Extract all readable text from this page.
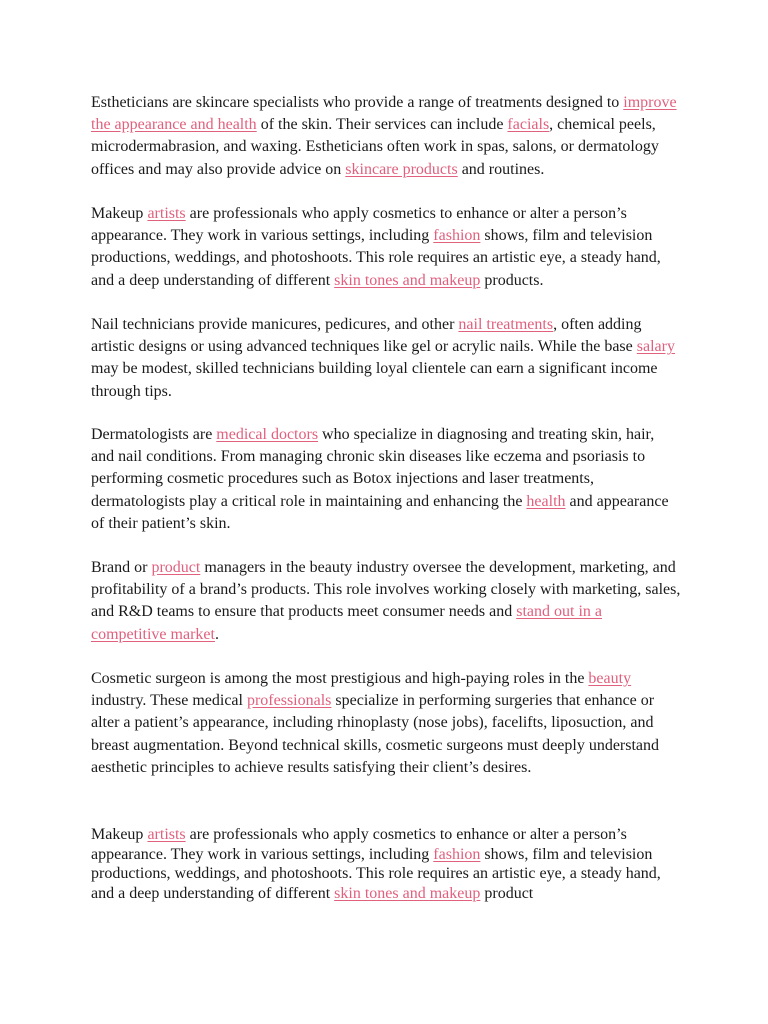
Estheticians are skincare specialists who provide a range of treatments designed to improve the appearance and health of the skin. Their services can include facials, chemical peels, microdermabrasion, and waxing. Estheticians often work in spas, salons, or dermatology offices and may also provide advice on skincare products and routines.

Makeup artists are professionals who apply cosmetics to enhance or alter a person’s appearance. They work in various settings, including fashion shows, film and television productions, weddings, and photoshoots. This role requires an artistic eye, a steady hand, and a deep understanding of different skin tones and makeup products.

Nail technicians provide manicures, pedicures, and other nail treatments, often adding artistic designs or using advanced techniques like gel or acrylic nails. While the base salary may be modest, skilled technicians building loyal clientele can earn a significant income through tips.

Dermatologists are medical doctors who specialize in diagnosing and treating skin, hair, and nail conditions. From managing chronic skin diseases like eczema and psoriasis to performing cosmetic procedures such as Botox injections and laser treatments, dermatologists play a critical role in maintaining and enhancing the health and appearance of their patient’s skin.

Brand or product managers in the beauty industry oversee the development, marketing, and profitability of a brand’s products. This role involves working closely with marketing, sales, and R&D teams to ensure that products meet consumer needs and stand out in a competitive market.

Cosmetic surgeon is among the most prestigious and high-paying roles in the beauty industry. These medical professionals specialize in performing surgeries that enhance or alter a patient’s appearance, including rhinoplasty (nose jobs), facelifts, liposuction, and breast augmentation. Beyond technical skills, cosmetic surgeons must deeply understand aesthetic principles to achieve results satisfying their client’s desires.

Makeup artists are professionals who apply cosmetics to enhance or alter a person’s appearance. They work in various settings, including fashion shows, film and television productions, weddings, and photoshoots. This role requires an artistic eye, a steady hand, and a deep understanding of different skin tones and makeup product
